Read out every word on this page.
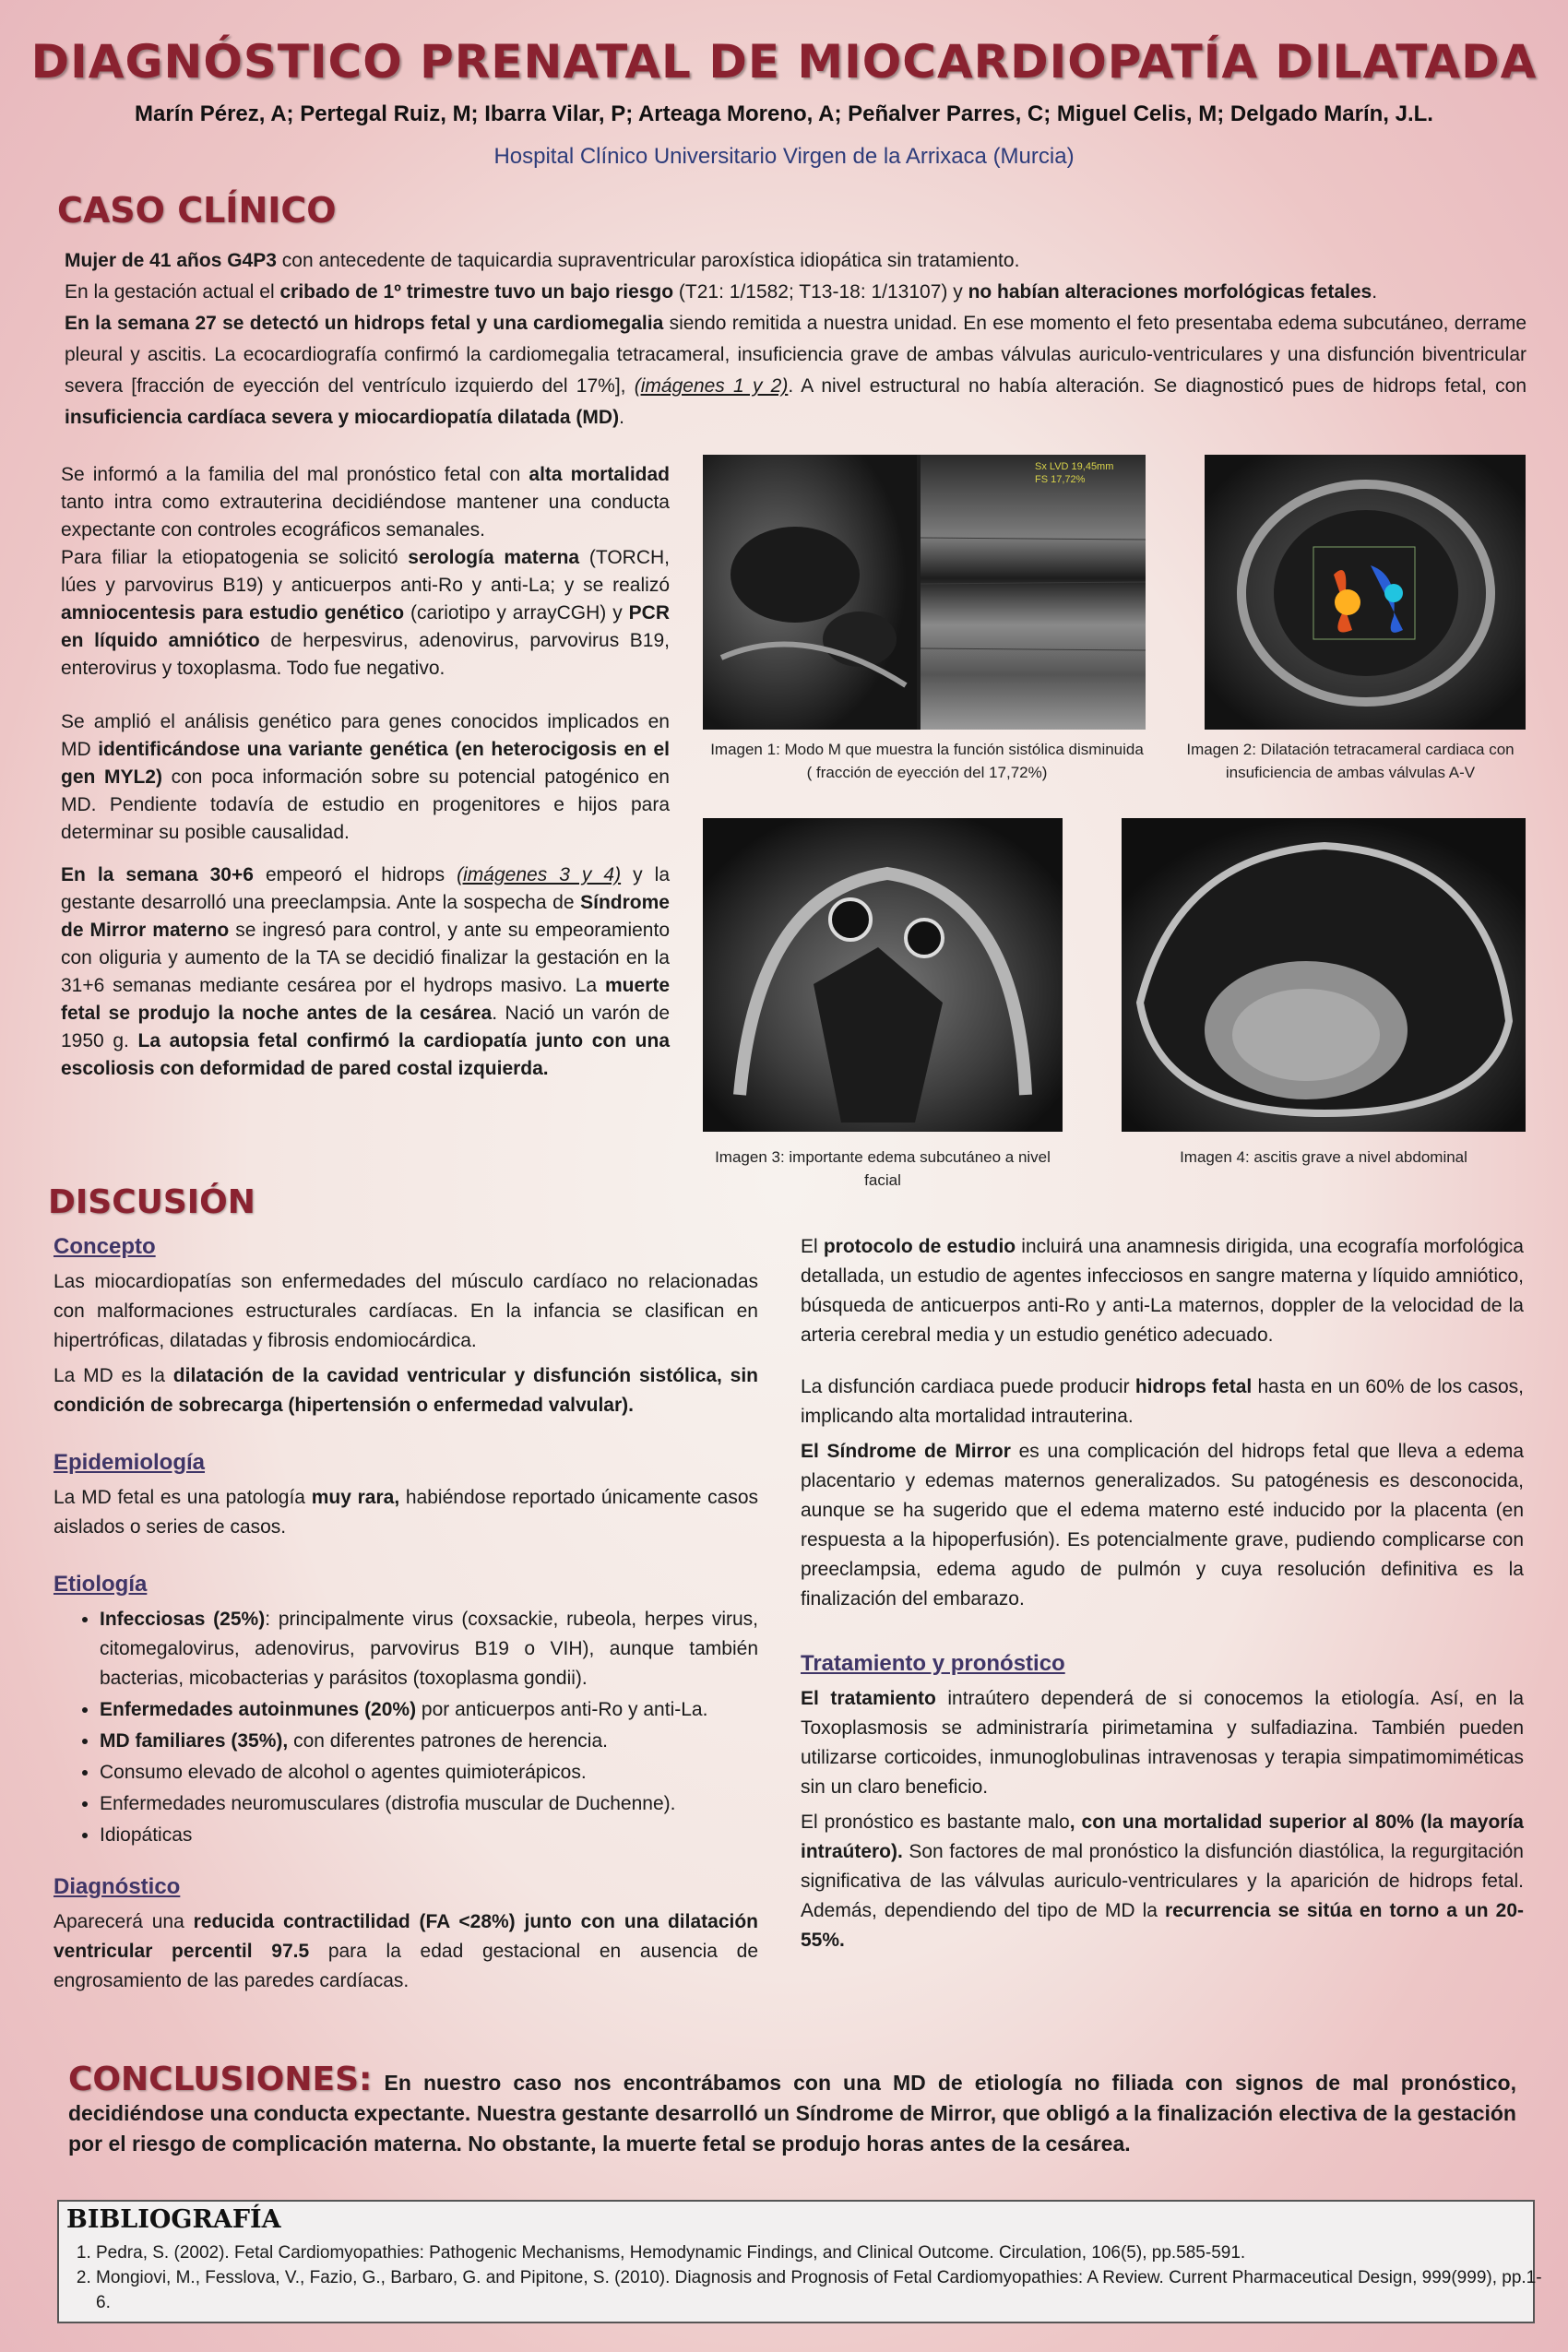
DIAGNÓSTICO PRENATAL DE MIOCARDIOPATÍA DILATADA
Marín Pérez, A; Pertegal Ruiz, M; Ibarra Vilar, P; Arteaga Moreno, A; Peñalver Parres, C; Miguel Celis, M; Delgado Marín, J.L.
Hospital Clínico Universitario Virgen de la Arrixaca (Murcia)
CASO CLÍNICO

Mujer de 41 años G4P3 con antecedente de taquicardia supraventricular paroxística idiopática sin tratamiento.

En la gestación actual el cribado de 1º trimestre tuvo un bajo riesgo (T21: 1/1582; T13-18: 1/13107) y no habían alteraciones morfológicas fetales.

En la semana 27 se detectó un hidrops fetal y una cardiomegalia siendo remitida a nuestra unidad. En ese momento el feto presentaba edema subcutáneo, derrame pleural y ascitis. La ecocardiografía confirmó la cardiomegalia tetracameral, insuficiencia grave de ambas válvulas auriculo-ventriculares y una disfunción biventricular severa [fracción de eyección del ventrículo izquierdo del 17%], (imágenes 1 y 2). A nivel estructural no había alteración. Se diagnosticó pues de hidrops fetal, con insuficiencia cardíaca severa y miocardiopatía dilatada (MD).

Se informó a la familia del mal pronóstico fetal con alta mortalidad tanto intra como extrauterina decidiéndose mantener una conducta expectante con controles ecográficos semanales.

Para filiar la etiopatogenia se solicitó serología materna (TORCH, lúes y parvovirus B19) y anticuerpos anti-Ro y anti-La; y se realizó amniocentesis para estudio genético (cariotipo y arrayCGH) y PCR en líquido amniótico de herpesvirus, adenovirus, parvovirus B19, enterovirus y toxoplasma. Todo fue negativo.

Se amplió el análisis genético para genes conocidos implicados en MD identificándose una variante genética (en heterocigosis en el gen MYL2) con poca información sobre su potencial patogénico en MD. Pendiente todavía de estudio en progenitores e hijos para determinar su posible causalidad.

En la semana 30+6 empeoró el hidrops (imágenes 3 y 4) y la gestante desarrolló una preeclampsia. Ante la sospecha de Síndrome de Mirror materno se ingresó para control, y ante su empeoramiento con oliguria y aumento de la TA se decidió finalizar la gestación en la 31+6 semanas mediante cesárea por el hydrops masivo. La muerte fetal se produjo la noche antes de la cesárea. Nació un varón de 1950 g. La autopsia fetal confirmó la cardiopatía junto con una escoliosis con deformidad de pared costal izquierda.

Sx LVD 19,45mm
FS 17,72%
Imagen 1: Modo M que muestra la función sistólica disminuida ( fracción de eyección del 17,72%)
Imagen 2: Dilatación tetracameral cardiaca con insuficiencia de ambas válvulas A-V
Imagen 3: importante edema subcutáneo a nivel facial
Imagen 4: ascitis grave a nivel abdominal
DISCUSIÓN
Concepto

Las miocardiopatías son enfermedades del músculo cardíaco no relacionadas con malformaciones estructurales cardíacas. En la infancia se clasifican en hipertróficas, dilatadas y fibrosis endomiocárdica.

La MD es la dilatación de la cavidad ventricular y disfunción sistólica, sin condición de sobrecarga (hipertensión o enfermedad valvular).

Epidemiología

La MD fetal es una patología muy rara, habiéndose reportado únicamente casos aislados o series de casos.

Etiología
• Infecciosas (25%): principalmente virus (coxsackie, rubeola, herpes virus, citomegalovirus, adenovirus, parvovirus B19 o VIH), aunque también bacterias, micobacterias y parásitos (toxoplasma gondii).
• Enfermedades autoinmunes (20%) por anticuerpos anti-Ro y anti-La.
• MD familiares (35%), con diferentes patrones de herencia.
• Consumo elevado de alcohol o agentes quimioterápicos.
• Enfermedades neuromusculares (distrofia muscular de Duchenne).
• Idiopáticas
Diagnóstico

Aparecerá una reducida contractilidad (FA <28%) junto con una dilatación ventricular percentil 97.5 para la edad gestacional en ausencia de engrosamiento de las paredes cardíacas.

El protocolo de estudio incluirá una anamnesis dirigida, una ecografía morfológica detallada, un estudio de agentes infecciosos en sangre materna y líquido amniótico, búsqueda de anticuerpos anti-Ro y anti-La maternos, doppler de la velocidad de la arteria cerebral media y un estudio genético adecuado.

La disfunción cardiaca puede producir hidrops fetal hasta en un 60% de los casos, implicando alta mortalidad intrauterina.

El Síndrome de Mirror es una complicación del hidrops fetal que lleva a edema placentario y edemas maternos generalizados. Su patogénesis es desconocida, aunque se ha sugerido que el edema materno esté inducido por la placenta (en respuesta a la hipoperfusión). Es potencialmente grave, pudiendo complicarse con preeclampsia, edema agudo de pulmón y cuya resolución definitiva es la finalización del embarazo.

Tratamiento y pronóstico

El tratamiento intraútero dependerá de si conocemos la etiología. Así, en la Toxoplasmosis se administraría pirimetamina y sulfadiazina. También pueden utilizarse corticoides, inmunoglobulinas intravenosas y terapia simpatimomiméticas sin un claro beneficio.

El pronóstico es bastante malo, con una mortalidad superior al 80% (la mayoría intraútero). Son factores de mal pronóstico la disfunción diastólica, la regurgitación significativa de las válvulas auriculo-ventriculares y la aparición de hidrops fetal. Además, dependiendo del tipo de MD la recurrencia se sitúa en torno a un 20-55%.

CONCLUSIONES: En nuestro caso nos encontrábamos con una MD de etiología no filiada con signos de mal pronóstico, decidiéndose una conducta expectante. Nuestra gestante desarrolló un Síndrome de Mirror, que obligó a la finalización electiva de la gestación por el riesgo de complicación materna. No obstante, la muerte fetal se produjo horas antes de la cesárea.
BIBLIOGRAFÍA
1. Pedra, S. (2002). Fetal Cardiomyopathies: Pathogenic Mechanisms, Hemodynamic Findings, and Clinical Outcome. Circulation, 106(5), pp.585-591.
2. Mongiovi, M., Fesslova, V., Fazio, G., Barbaro, G. and Pipitone, S. (2010). Diagnosis and Prognosis of Fetal Cardiomyopathies: A Review. Current Pharmaceutical Design, 999(999), pp.1-6.
